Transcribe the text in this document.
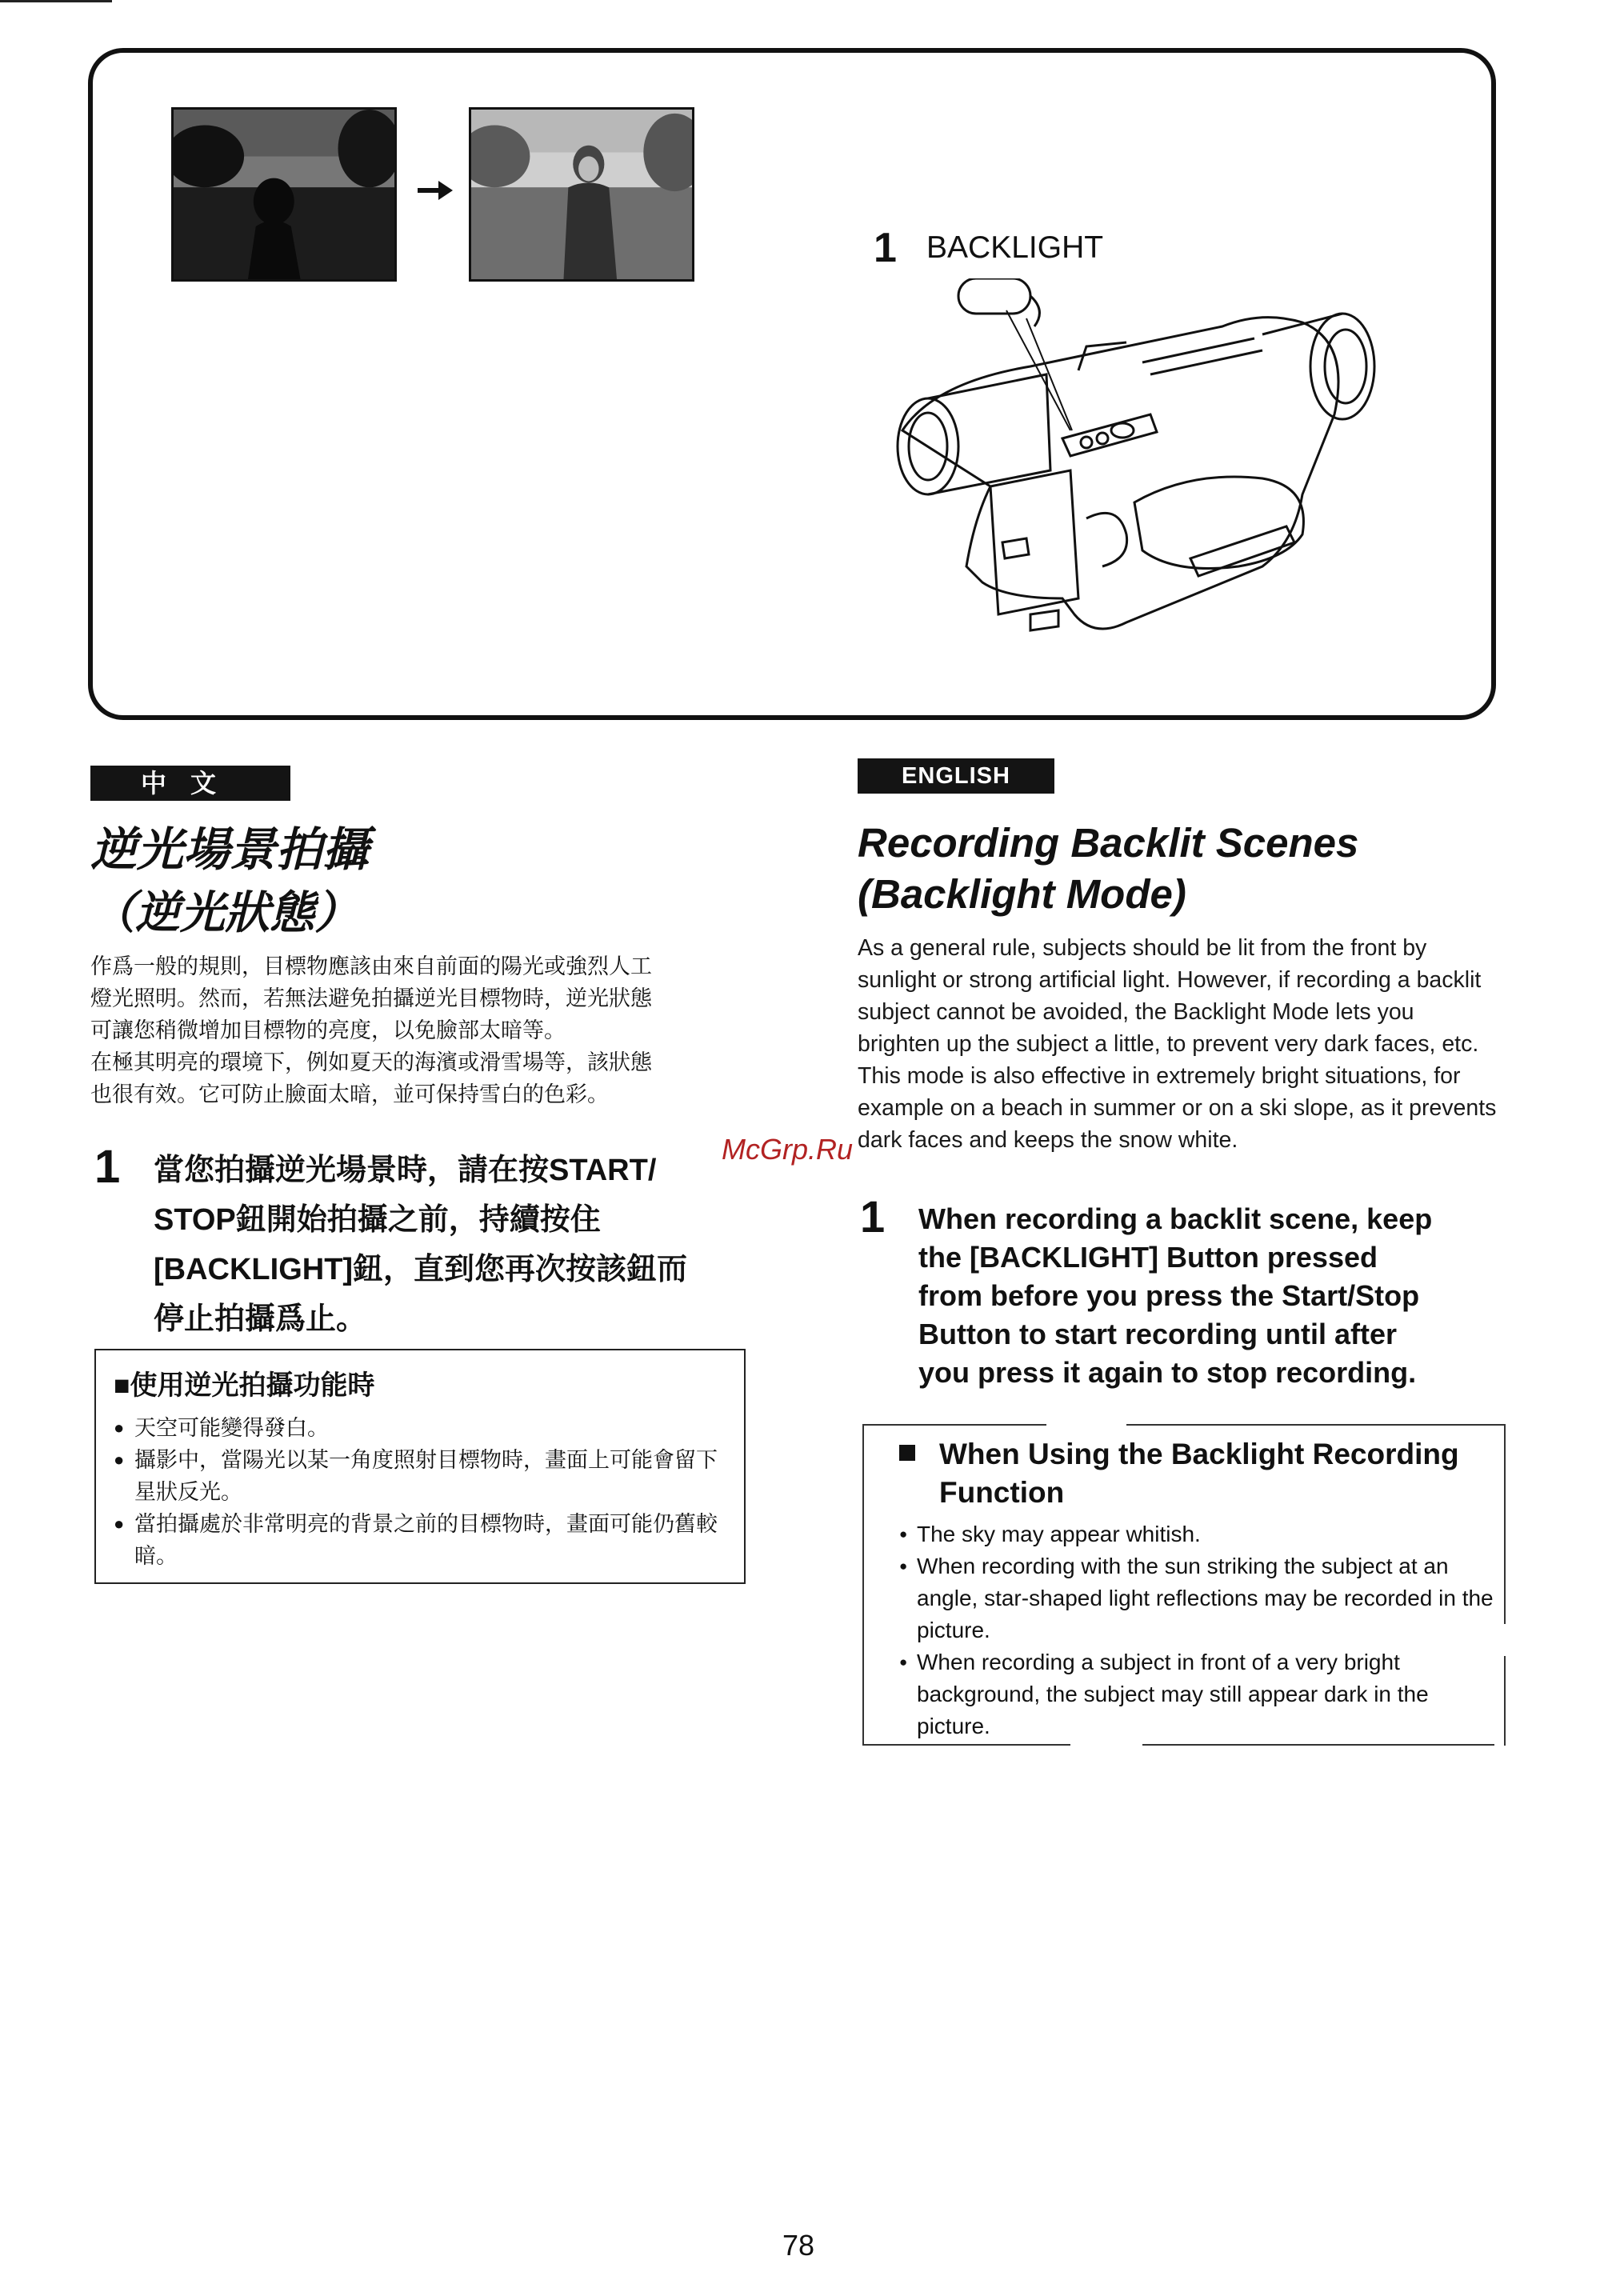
1 BACKLIGHT
中文
逆光場景拍攝
（逆光狀態）
作爲一般的規則，目標物應該由來自前面的陽光或強烈人工
燈光照明。然而，若無法避免拍攝逆光目標物時，逆光狀態
可讓您稍微增加目標物的亮度，以免臉部太暗等。
在極其明亮的環境下，例如夏天的海濱或滑雪場等，該狀態
也很有效。它可防止臉面太暗，並可保持雪白的色彩。
1 當您拍攝逆光場景時，請在按START/
STOP鈕開始拍攝之前，持續按住
[BACKLIGHT]鈕，直到您再次按該鈕而
停止拍攝爲止。
■使用逆光拍攝功能時
● 天空可能變得發白。
● 攝影中，當陽光以某一角度照射目標物時，畫面上可能會留下星狀反光。
● 當拍攝處於非常明亮的背景之前的目標物時，畫面可能仍舊較暗。
ENGLISH
Recording Backlit Scenes
(Backlight Mode)

As a general rule, subjects should be lit from the front by sunlight or strong artificial light. However, if recording a backlit subject cannot be avoided, the Backlight Mode lets you brighten up the subject a little, to prevent very dark faces, etc.

This mode is also effective in extremely bright situations, for example on a beach in summer or on a ski slope, as it prevents dark faces and keeps the snow white.

1 When recording a backlit scene, keep
the [BACKLIGHT] Button pressed
from before you press the Start/Stop
Button to start recording until after
you press it again to stop recording.
When Using the Backlight Recording
Function
● The sky may appear whitish.
● When recording with the sun striking the subject at an angle, star-shaped light reflections may be recorded in the picture.
● When recording a subject in front of a very bright background, the subject may still appear dark in the picture.
McGrp.Ru
78
